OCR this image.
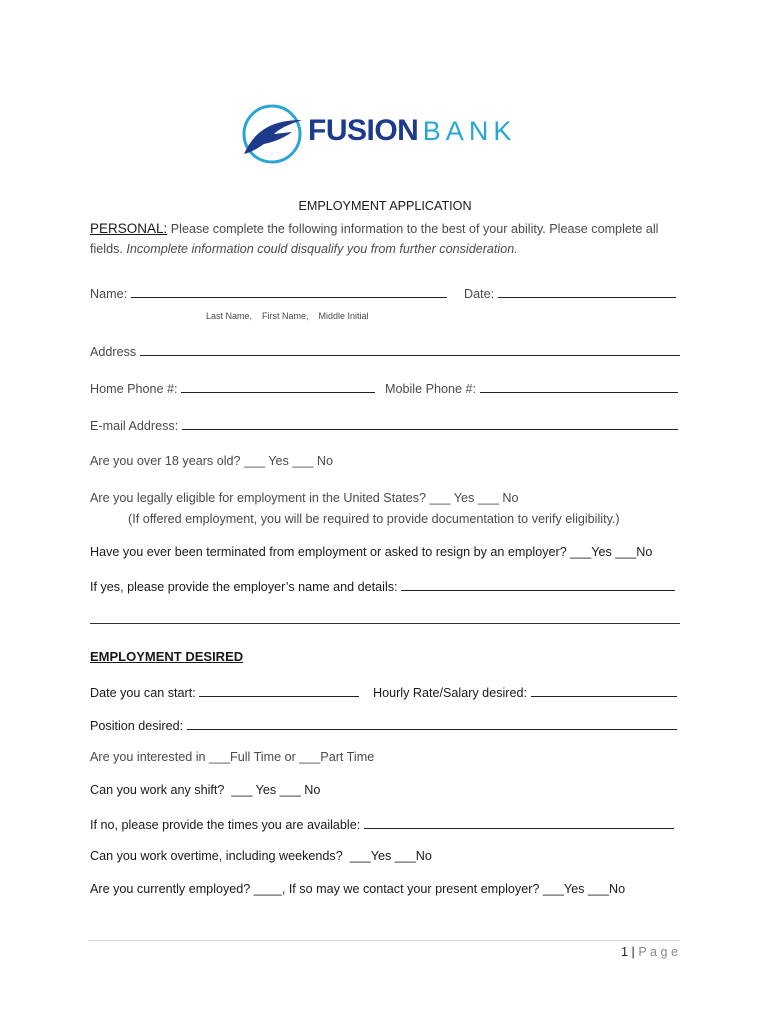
FUSION BANK
EMPLOYMENT APPLICATION
PERSONAL: Please complete the following information to the best of your ability. Please complete all
fields. Incomplete information could disqualify you from further consideration.
Name:	Date:
Last Name,    First Name,    Middle Initial
Address
Home Phone #:	Mobile Phone #:
E-mail Address:
Are you over 18 years old? ___ Yes ___ No
Are you legally eligible for employment in the United States? ___ Yes ___ No
(If offered employment, you will be required to provide documentation to verify eligibility.)
Have you ever been terminated from employment or asked to resign by an employer? ___Yes ___No
If yes, please provide the employer’s name and details:
EMPLOYMENT DESIRED
Date you can start:	Hourly Rate/Salary desired:
Position desired:
Are you interested in ___Full Time or ___Part Time
Can you work any shift?  ___ Yes ___ No
If no, please provide the times you are available:
Can you work overtime, including weekends?  ___Yes ___No
Are you currently employed? ____, If so may we contact your present employer? ___Yes ___No
1 | P a g e
